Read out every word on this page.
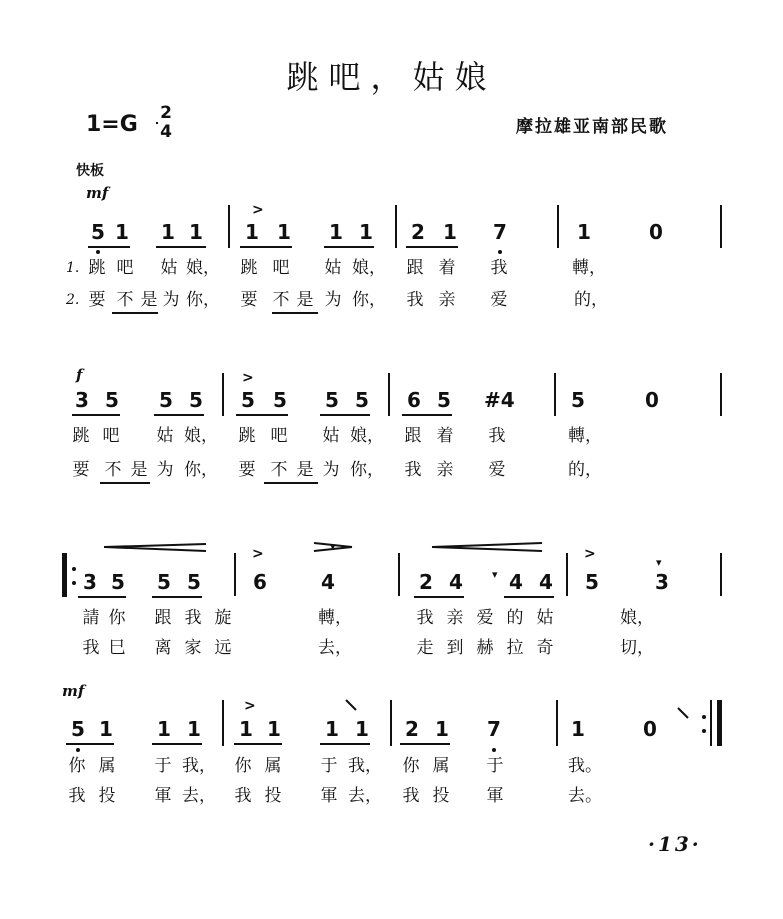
跳吧，姑娘
1=G 2
4	摩拉雄亚南部民歌
快板
mf
f
mf
5 1 1 1 1 1 1 1 2 1 7	1	0
3 5 5 5 5 5 5 5 6 5 #4	5	0
3 5 5 5	6	4	2 4 4 4 5	3
5 1 1 1 1 1 1 1 2 1 7	1	0
>
>
>	>
>
▾
▾
▾
跳 吧 姑 娘， 跳 吧 姑 娘， 跟 着 我	轉，
要 不 是 为 你， 要 不 是 为 你， 我 亲 爱	的，
跳 吧 姑 娘， 跳 吧 姑 娘， 跟 着 我	轉，
要 不 是 为 你， 要 不 是 为 你， 我 亲 爱	的，
請 你 跟 我 旋	轉，	我 亲 爱 的 姑	娘，
我 巳 离 家 远	去，	走 到 赫 拉 奇	切，
你 属 于 我， 你 属 于 我， 你 属 于	我。
我 投 軍 去， 我 投 軍 去， 我 投 軍	去。
1.
2.
·13·
